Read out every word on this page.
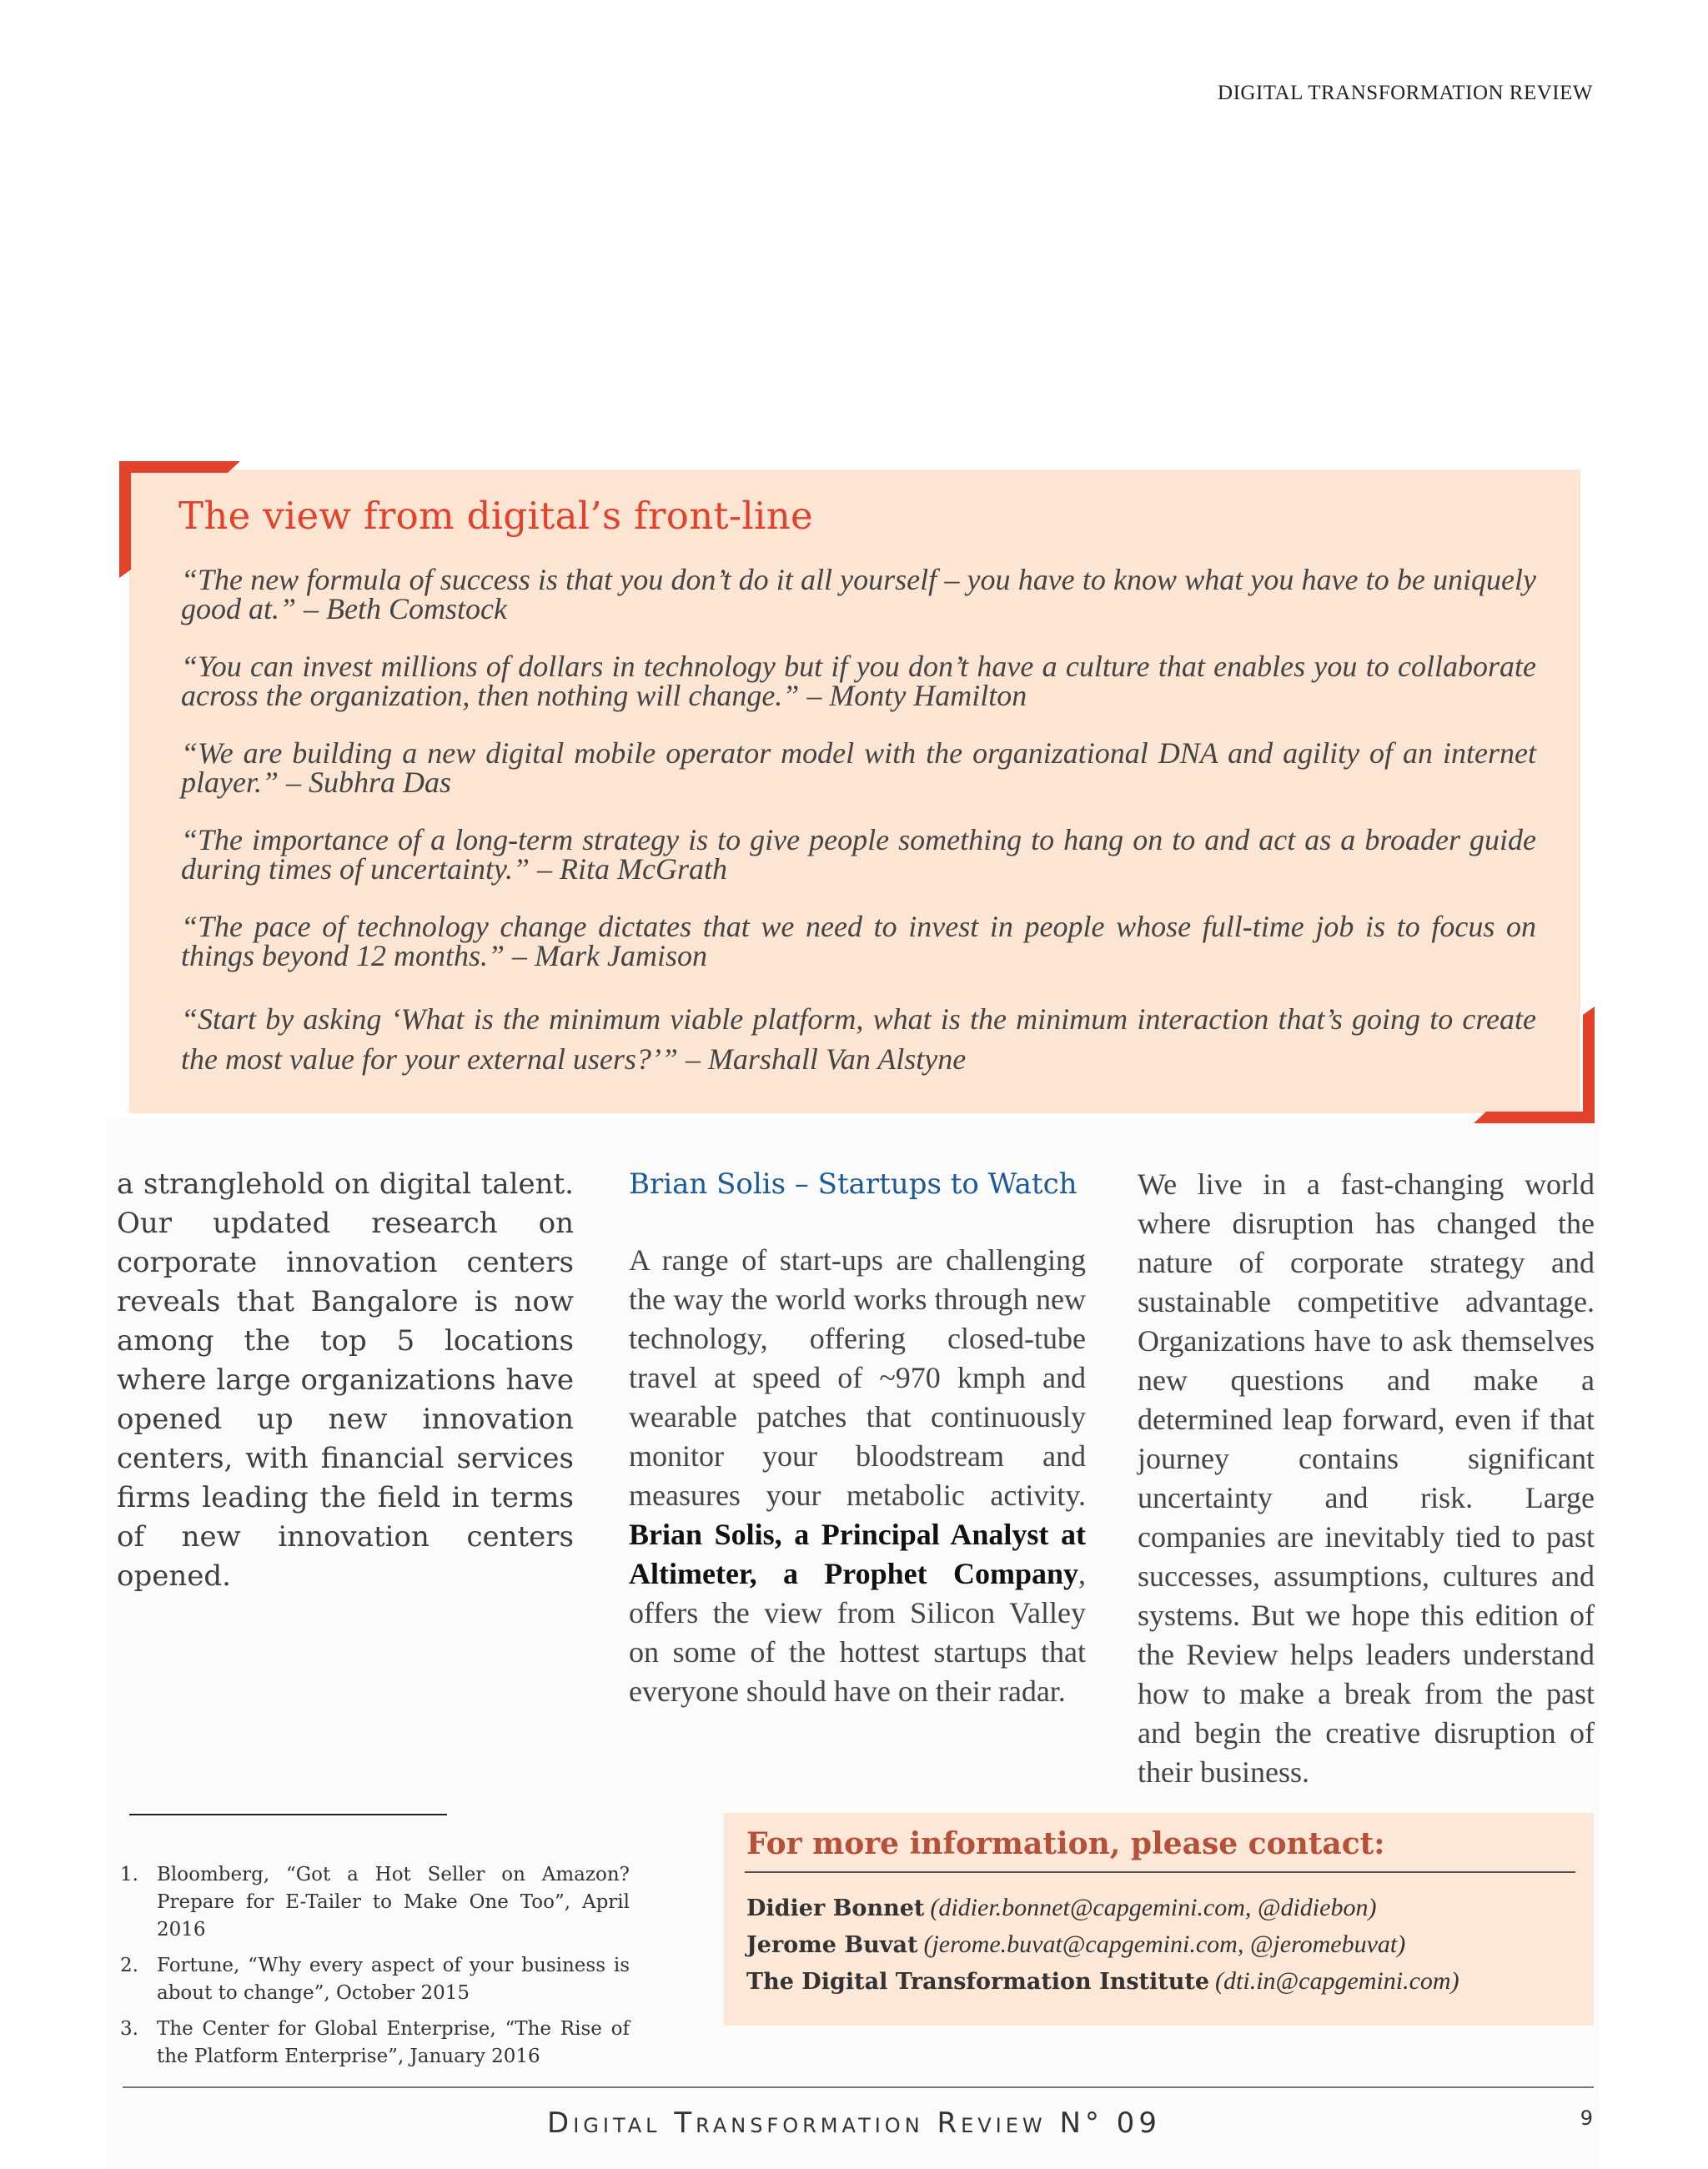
DIGITAL TRANSFORMATION REVIEW
The view from digital’s front-line

“The new formula of success is that you don’t do it all yourself – you have to know what you have to be uniquely good at.” – Beth Comstock

“You can invest millions of dollars in technology but if you don’t have a culture that enables you to collaborate across the organization, then nothing will change.” – Monty Hamilton

“We are building a new digital mobile operator model with the organizational DNA and agility of an internet player.” – Subhra Das

“The importance of a long-term strategy is to give people something to hang on to and act as a broader guide during times of uncertainty.” – Rita McGrath

“The pace of technology change dictates that we need to invest in people whose full-time job is to focus on things beyond 12 months.” – Mark Jamison

“Start by asking ‘What is the minimum viable platform, what is the minimum interaction that’s going to create the most value for your external users?’” – Marshall Van Alstyne

a stranglehold on digital talent. Our updated research on corporate innovation centers reveals that Bangalore is now among the top 5 locations where large organizations have opened up new innovation centers, with financial services firms leading the field in terms of new innovation centers opened.
Brian Solis – Startups to Watch
A range of start-ups are challenging the way the world works through new technology, offering closed-tube travel at speed of ~970 kmph and wearable patches that continuously monitor your bloodstream and measures your metabolic activity. Brian Solis, a Principal Analyst at Altimeter, a Prophet Company, offers the view from Silicon Valley on some of the hottest startups that everyone should have on their radar.
We live in a fast-changing world where disruption has changed the nature of corporate strategy and sustainable competitive advantage. Organizations have to ask themselves new questions and make a determined leap forward, even if that journey contains significant uncertainty and risk. Large companies are inevitably tied to past successes, assumptions, cultures and systems. But we hope this edition of the Review helps leaders understand how to make a break from the past and begin the creative disruption of their business.
1. Bloomberg, “Got a Hot Seller on Amazon? Prepare for E-Tailer to Make One Too”, April 2016
2. Fortune, “Why every aspect of your business is about to change”, October 2015
3. The Center for Global Enterprise, “The Rise of the Platform Enterprise”, January 2016
For more information, please contact:
Didier Bonnet (didier.bonnet@capgemini.com, @didiebon)
Jerome Buvat (jerome.buvat@capgemini.com, @jeromebuvat)
The Digital Transformation Institute (dti.in@capgemini.com)
Digital Transformation Review N° 09	9
